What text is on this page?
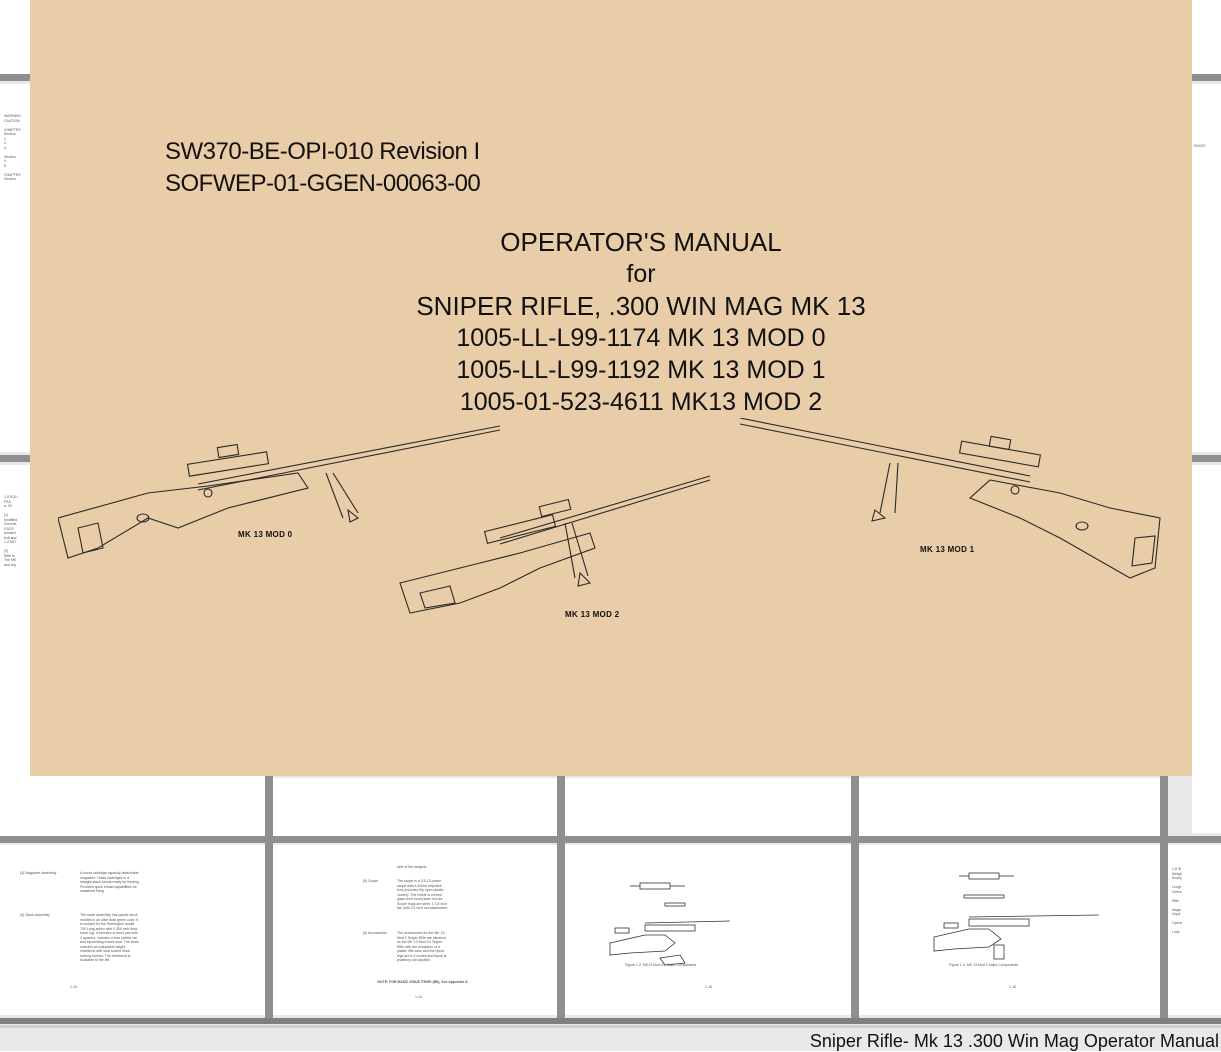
WARNING
CAUTION

CHAPTER
Section
1.
2.
3.

Section
4.
5.

CHAPTER
Section
1-6 EQU
FEA
a. Of

(1)
modified
Chrome
0.5/22
forward
bolt and
1-2 MO

(2)
Rifle is
The MK
and trig
SW370
(3) Magazine Assembly	A round cartridge capacity detachable magazine. Holds cartridges in a straight stack format ready for feeding. Provides quick reload capabilities for sustained firing.
(4) Stock Assembly	The stock assembly has plastic stock molded in an olive drab green color. It is molded for the Remington model 700 Long action with 0.300 inch thick stock lug. It includes a recoil pad with 2 spacers, includes a rear slotted rail and bipod/sling mount stud. The stock includes an adjustable height cheekrest with dual socket head locking screws. The cheekrest is locatable to the left.
1-13
side of the weapon.
(5) Scope	The scope is a 3.5-10 power scope with a 40mm objective lens (includes flip open plastic covers). The reticle is etched glass front focal plane mil dot. Scope rings are steel, 1 1/4 inch tall, with 1/2 inch nut attachment.
(6) Accessories	The accessories for the MK 13 Mod 2 Sniper Rifle are identical as the MK 13 Mod 0/1 Sniper Rifle with the exception of a plastic rifle case and the bipod legs are 6-9 inches and bipod is picatinny-rail capable.
NOTE: FOR BASIC ISSUE ITEMS (BII), See Appendix A.
1-14
Figure 1-2. MK13 Mod 0/1 Major Components
1-15
Figure 1-3. MK 13 Mod 2 Major Components
1-16
1-8 SI
Weigh
Empty

Lengt
Overa

Rifle

Maga
Capa

Opera

Lock
Sniper Rifle- Mk 13 .300 Win Mag Operator Manual
SW370-BE-OPI-010 Revision I
SOFWEP-01-GGEN-00063-00
OPERATOR'S MANUAL
for
SNIPER RIFLE, .300 WIN MAG MK 13
1005-LL-L99-1174 MK 13 MOD 0
1005-LL-L99-1192 MK 13 MOD 1
1005-01-523-4611 MK13 MOD 2
MK 13 MOD 0
MK 13 MOD 2
MK 13 MOD 1
